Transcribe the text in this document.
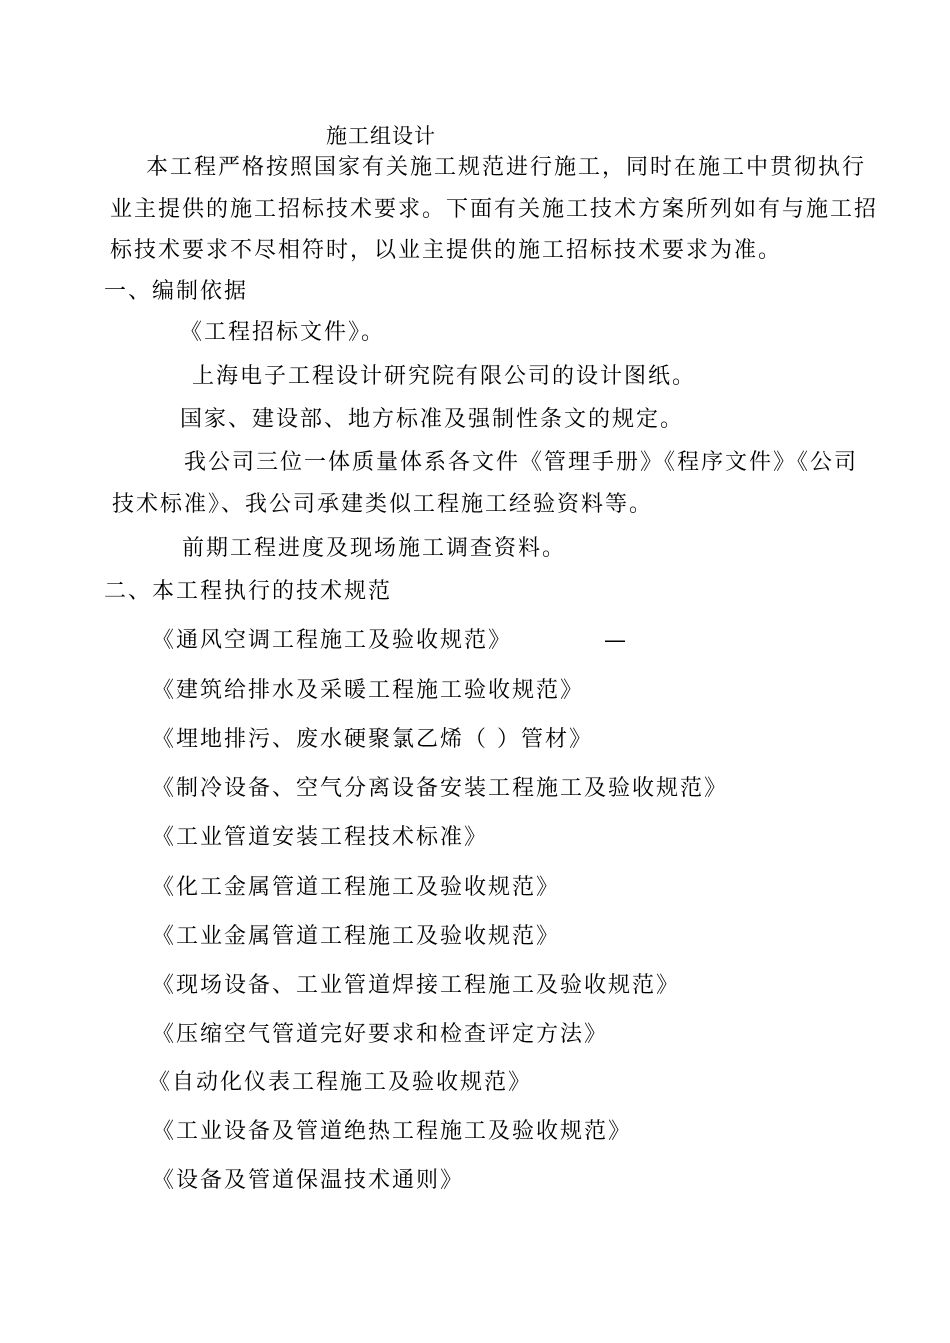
施工组设计
本工程严格按照国家有关施工规范进行施工，同时在施工中贯彻执行
业主提供的施工招标技术要求。下面有关施工技术方案所列如有与施工招
标技术要求不尽相符时，以业主提供的施工招标技术要求为准。
一、编制依据
《工程招标文件》。
上海电子工程设计研究院有限公司的设计图纸。
国家、建设部、地方标准及强制性条文的规定。
我公司三位一体质量体系各文件《管理手册》《程序文件》《公司
技术标准》、我公司承建类似工程施工经验资料等。
前期工程进度及现场施工调查资料。
二、本工程执行的技术规范
《通风空调工程施工及验收规范》	—
《建筑给排水及采暖工程施工验收规范》
《埋地排污、废水硬聚氯乙烯（ ）管材》
《制冷设备、空气分离设备安装工程施工及验收规范》
《工业管道安装工程技术标准》
《化工金属管道工程施工及验收规范》
《工业金属管道工程施工及验收规范》
《现场设备、工业管道焊接工程施工及验收规范》
《压缩空气管道完好要求和检查评定方法》
《自动化仪表工程施工及验收规范》
《工业设备及管道绝热工程施工及验收规范》
《设备及管道保温技术通则》
